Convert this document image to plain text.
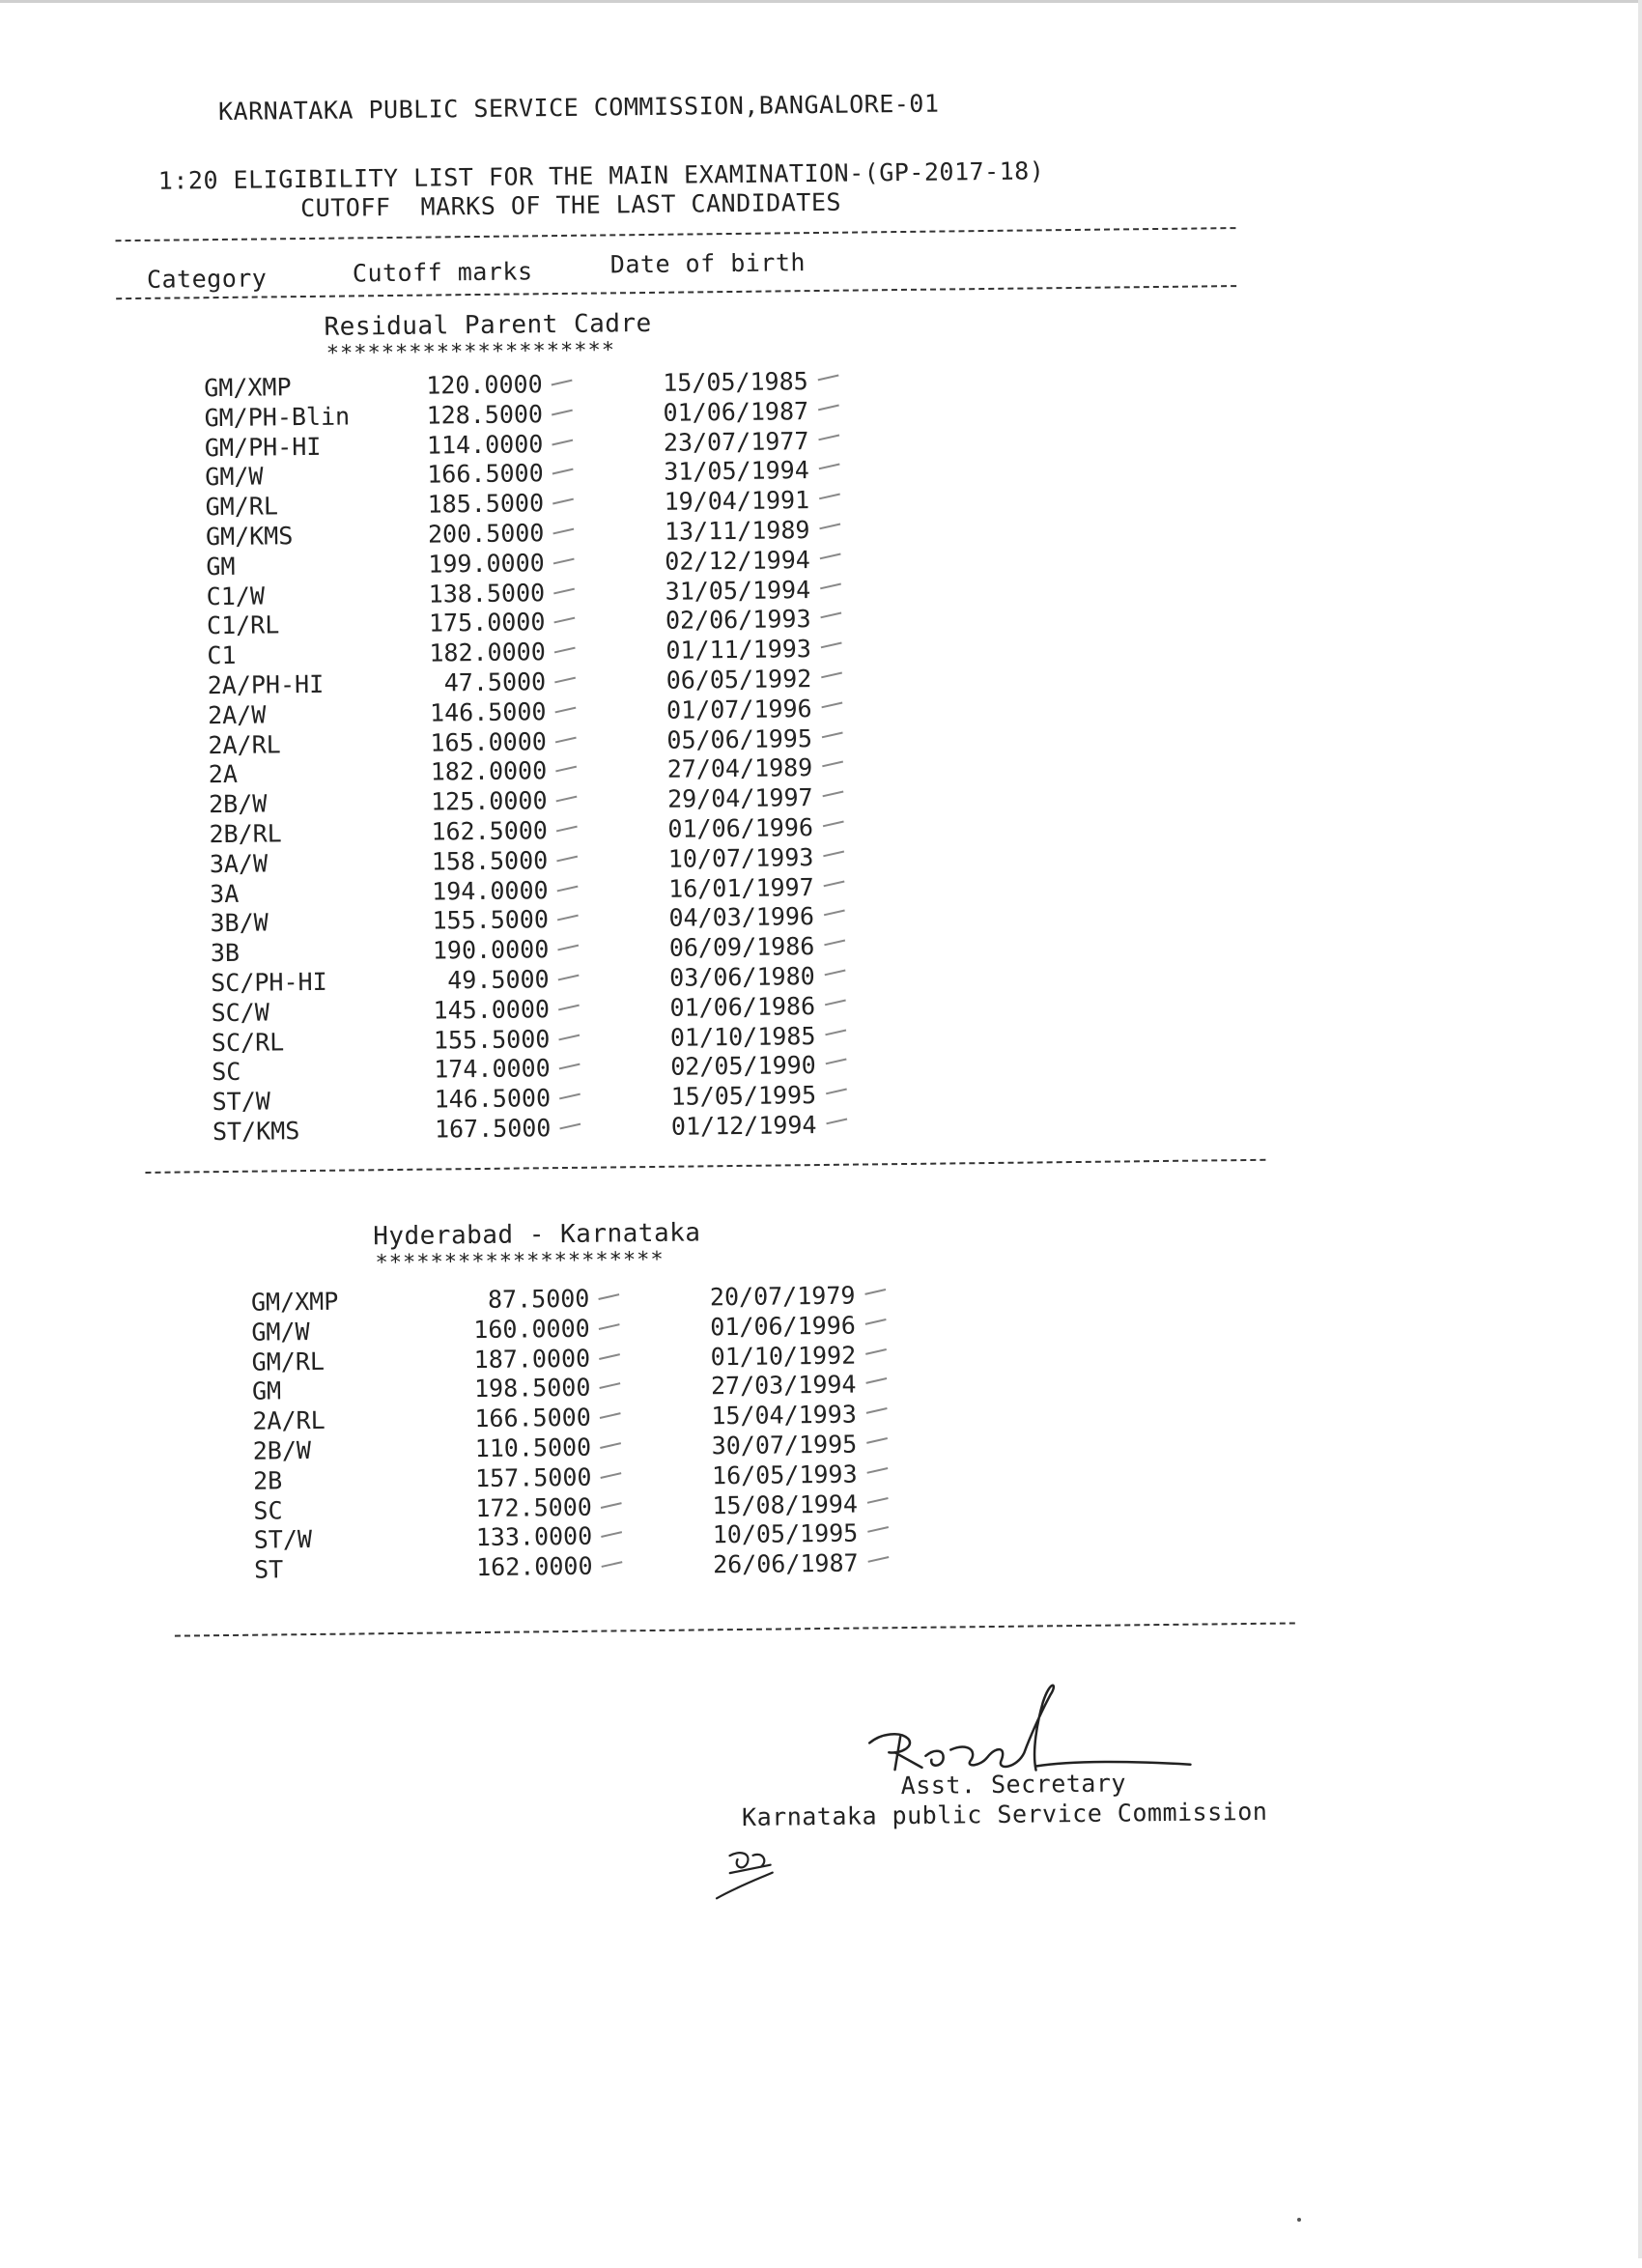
KARNATAKA PUBLIC SERVICE COMMISSION,BANGALORE-01
1:20 ELIGIBILITY LIST FOR THE MAIN EXAMINATION-(GP-2017-18)
CUTOFF  MARKS OF THE LAST CANDIDATES
Category	Cutoff marks	Date of birth
Residual Parent Cadre
*********************
GM/XMP	120.0000	15/05/1985
GM/PH-Blin	128.5000	01/06/1987
GM/PH-HI	114.0000	23/07/1977
GM/W	166.5000	31/05/1994
GM/RL	185.5000	19/04/1991
GM/KMS	200.5000	13/11/1989
GM	199.0000	02/12/1994
C1/W	138.5000	31/05/1994
C1/RL	175.0000	02/06/1993
C1	182.0000	01/11/1993
2A/PH-HI	47.5000	06/05/1992
2A/W	146.5000	01/07/1996
2A/RL	165.0000	05/06/1995
2A	182.0000	27/04/1989
2B/W	125.0000	29/04/1997
2B/RL	162.5000	01/06/1996
3A/W	158.5000	10/07/1993
3A	194.0000	16/01/1997
3B/W	155.5000	04/03/1996
3B	190.0000	06/09/1986
SC/PH-HI	49.5000	03/06/1980
SC/W	145.0000	01/06/1986
SC/RL	155.5000	01/10/1985
SC	174.0000	02/05/1990
ST/W	146.5000	15/05/1995
ST/KMS	167.5000	01/12/1994
Hyderabad - Karnataka
*********************
GM/XMP	87.5000	20/07/1979
GM/W	160.0000	01/06/1996
GM/RL	187.0000	01/10/1992
GM	198.5000	27/03/1994
2A/RL	166.5000	15/04/1993
2B/W	110.5000	30/07/1995
2B	157.5000	16/05/1993
SC	172.5000	15/08/1994
ST/W	133.0000	10/05/1995
ST	162.0000	26/06/1987
Asst. Secretary
Karnataka public Service Commission
